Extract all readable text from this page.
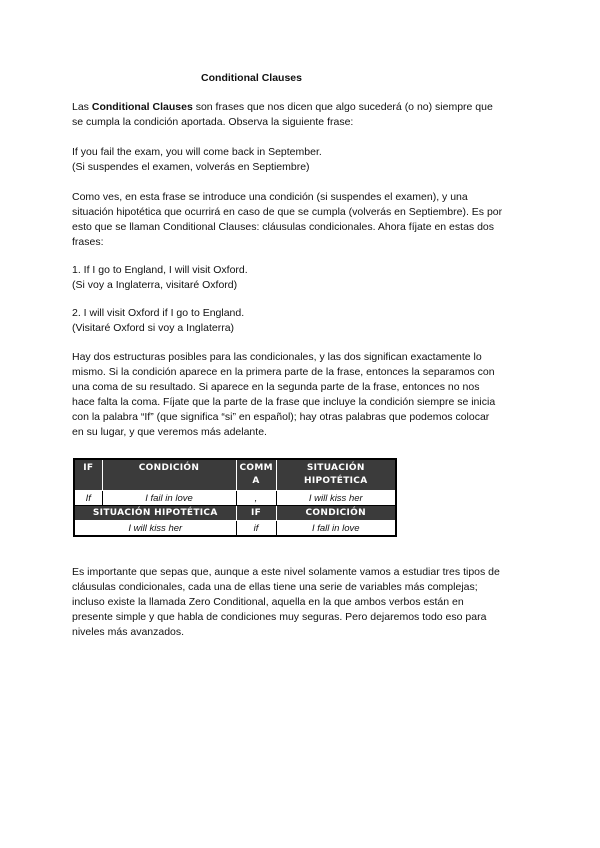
Conditional Clauses

Las Conditional Clauses son frases que nos dicen que algo sucederá (o no) siempre que

se cumpla la condición aportada. Observa la siguiente frase:

If you fail the exam, you will come back in September.

(Si suspendes el examen, volverás en Septiembre)

Como ves, en esta frase se introduce una condición (si suspendes el examen), y una

situación hipotética que ocurrirá en caso de que se cumpla (volverás en Septiembre). Es por

esto que se llaman Conditional Clauses: cláusulas condicionales. Ahora fíjate en estas dos

frases:

1. If I go to England, I will visit Oxford.

(Si voy a Inglaterra, visitaré Oxford)

2. I will visit Oxford if I go to England.

(Visitaré Oxford si voy a Inglaterra)

Hay dos estructuras posibles para las condicionales, y las dos significan exactamente lo

mismo. Si la condición aparece en la primera parte de la frase, entonces la separamos con

una coma de su resultado. Si aparece en la segunda parte de la frase, entonces no nos

hace falta la coma. Fíjate que la parte de la frase que incluye la condición siempre se inicia

con la palabra “If” (que significa “si” en español); hay otras palabras que podemos colocar

en su lugar, y que veremos más adelante.

IF	CONDICIÓN	COMM A	SITUACIÓN HIPOTÉTICA
If	I fail in love	,	I will kiss her
SITUACIÓN HIPOTÉTICA		IF	CONDICIÓN
I will kiss her		if	I fall in love

Es importante que sepas que, aunque a este nivel solamente vamos a estudiar tres tipos de

cláusulas condicionales, cada una de ellas tiene una serie de variables más complejas;

incluso existe la llamada Zero Conditional, aquella en la que ambos verbos están en

presente simple y que habla de condiciones muy seguras. Pero dejaremos todo eso para

niveles más avanzados.
